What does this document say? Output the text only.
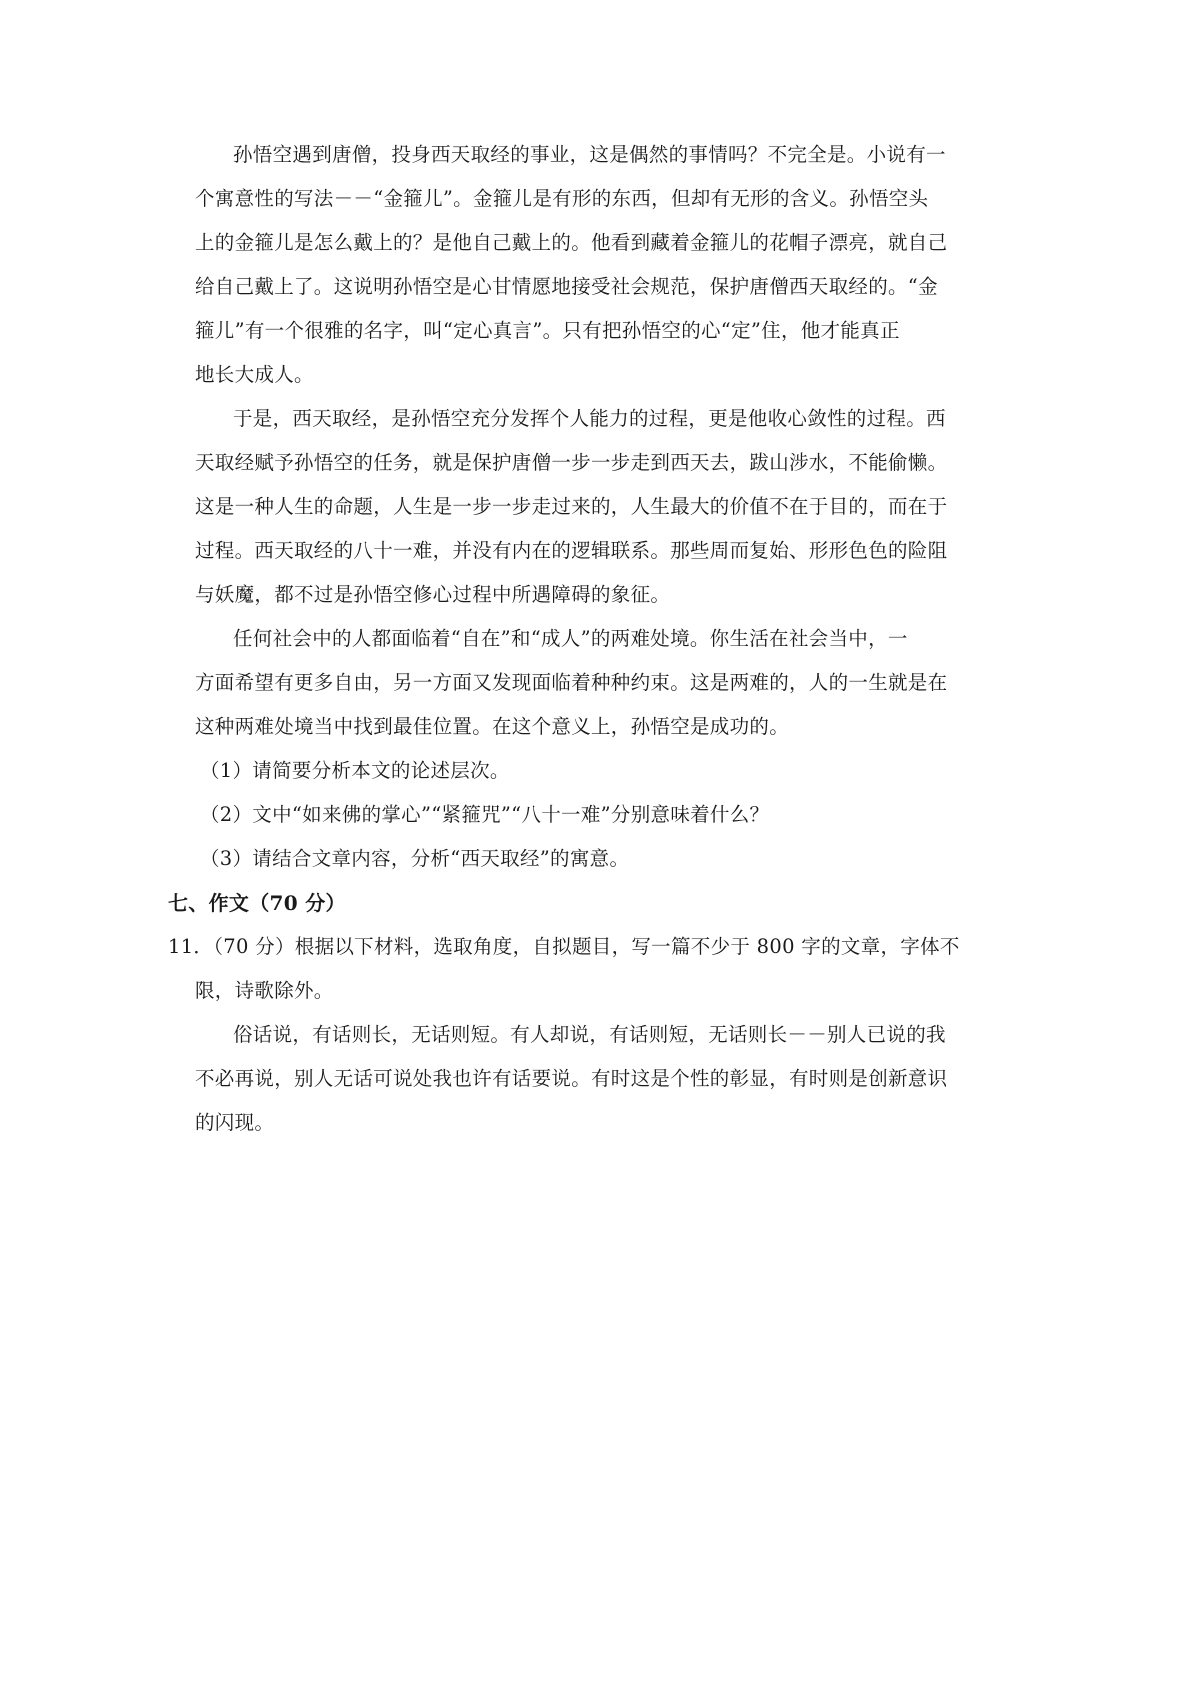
孙悟空遇到唐僧，投身西天取经的事业，这是偶然的事情吗？不完全是。小说有一
个寓意性的写法－－“金箍儿”。金箍儿是有形的东西，但却有无形的含义。孙悟空头
上的金箍儿是怎么戴上的？是他自己戴上的。他看到藏着金箍儿的花帽子漂亮，就自己
给自己戴上了。这说明孙悟空是心甘情愿地接受社会规范，保护唐僧西天取经的。“金
箍儿”有一个很雅的名字，叫“定心真言”。只有把孙悟空的心“定”住，他才能真正
地长大成人。
于是，西天取经，是孙悟空充分发挥个人能力的过程，更是他收心敛性的过程。西
天取经赋予孙悟空的任务，就是保护唐僧一步一步走到西天去，跋山涉水，不能偷懒。
这是一种人生的命题，人生是一步一步走过来的，人生最大的价值不在于目的，而在于
过程。西天取经的八十一难，并没有内在的逻辑联系。那些周而复始、形形色色的险阻
与妖魔，都不过是孙悟空修心过程中所遇障碍的象征。
任何社会中的人都面临着“自在”和“成人”的两难处境。你生活在社会当中，一
方面希望有更多自由，另一方面又发现面临着种种约束。这是两难的，人的一生就是在
这种两难处境当中找到最佳位置。在这个意义上，孙悟空是成功的。
（1）请简要分析本文的论述层次。
（2）文中“如来佛的掌心”“紧箍咒”“八十一难”分别意味着什么？
（3）请结合文章内容，分析“西天取经”的寓意。
七、作文（70 分）
11．（70 分）根据以下材料，选取角度，自拟题目，写一篇不少于 800 字的文章，字体不
限，诗歌除外。
俗话说，有话则长，无话则短。有人却说，有话则短，无话则长－－别人已说的我
不必再说，别人无话可说处我也许有话要说。有时这是个性的彰显，有时则是创新意识
的闪现。
